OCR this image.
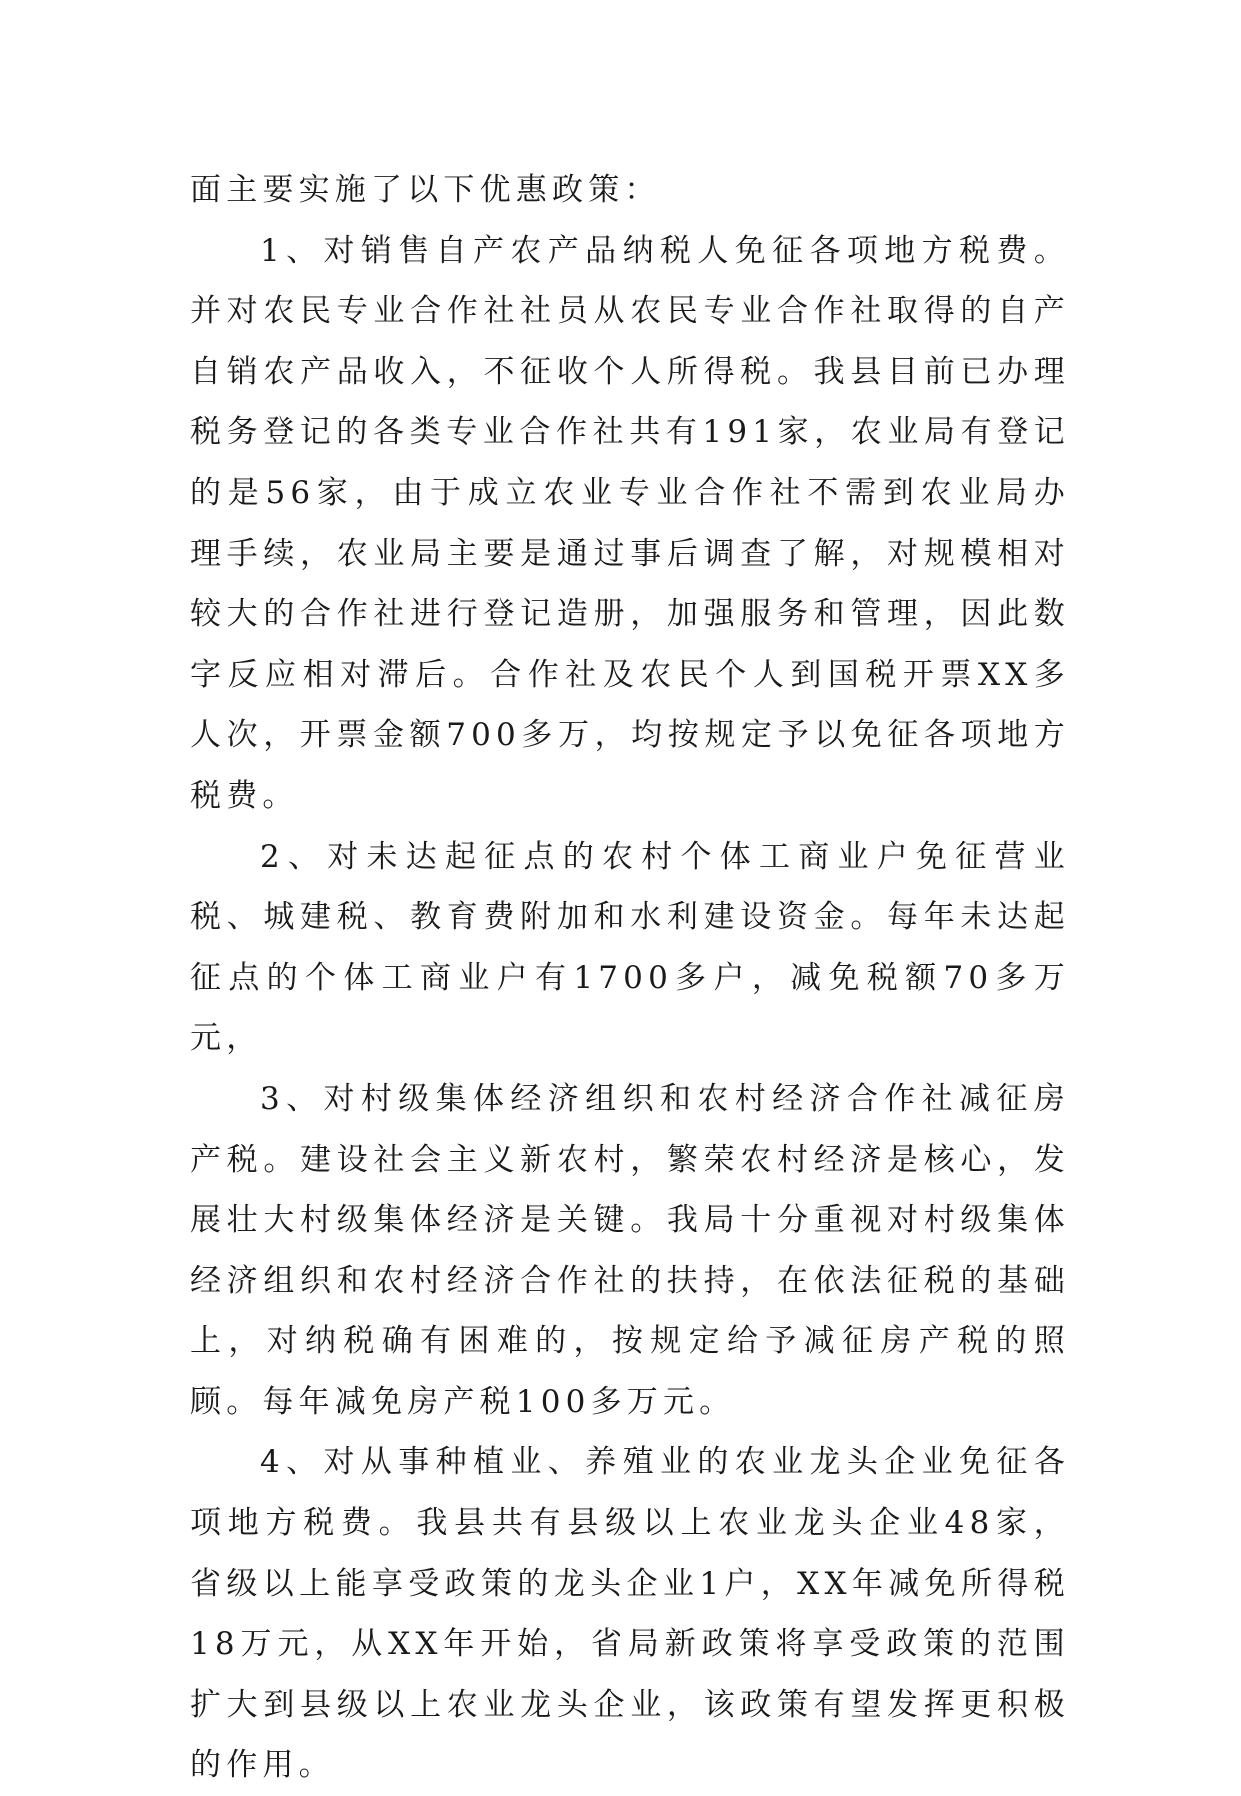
面主要实施了以下优惠政策：

1、对销售自产农产品纳税人免征各项地方税费。并对农民专业合作社社员从农民专业合作社取得的自产自销农产品收入，不征收个人所得税。我县目前已办理税务登记的各类专业合作社共有191家，农业局有登记的是56家，由于成立农业专业合作社不需到农业局办理手续，农业局主要是通过事后调查了解，对规模相对较大的合作社进行登记造册，加强服务和管理，因此数字反应相对滞后。合作社及农民个人到国税开票XX多人次，开票金额700多万，均按规定予以免征各项地方税费。

2、对未达起征点的农村个体工商业户免征营业税、城建税、教育费附加和水利建设资金。每年未达起征点的个体工商业户有1700多户，减免税额70多万元，

3、对村级集体经济组织和农村经济合作社减征房产税。建设社会主义新农村，繁荣农村经济是核心，发展壮大村级集体经济是关键。我局十分重视对村级集体经济组织和农村经济合作社的扶持，在依法征税的基础上，对纳税确有困难的，按规定给予减征房产税的照顾。每年减免房产税100多万元。

4、对从事种植业、养殖业的农业龙头企业免征各项地方税费。我县共有县级以上农业龙头企业48家，省级以上能享受政策的龙头企业1户，XX年减免所得税18万元，从XX年开始，省局新政策将享受政策的范围扩大到县级以上农业龙头企业，该政策有望发挥更积极的作用。
